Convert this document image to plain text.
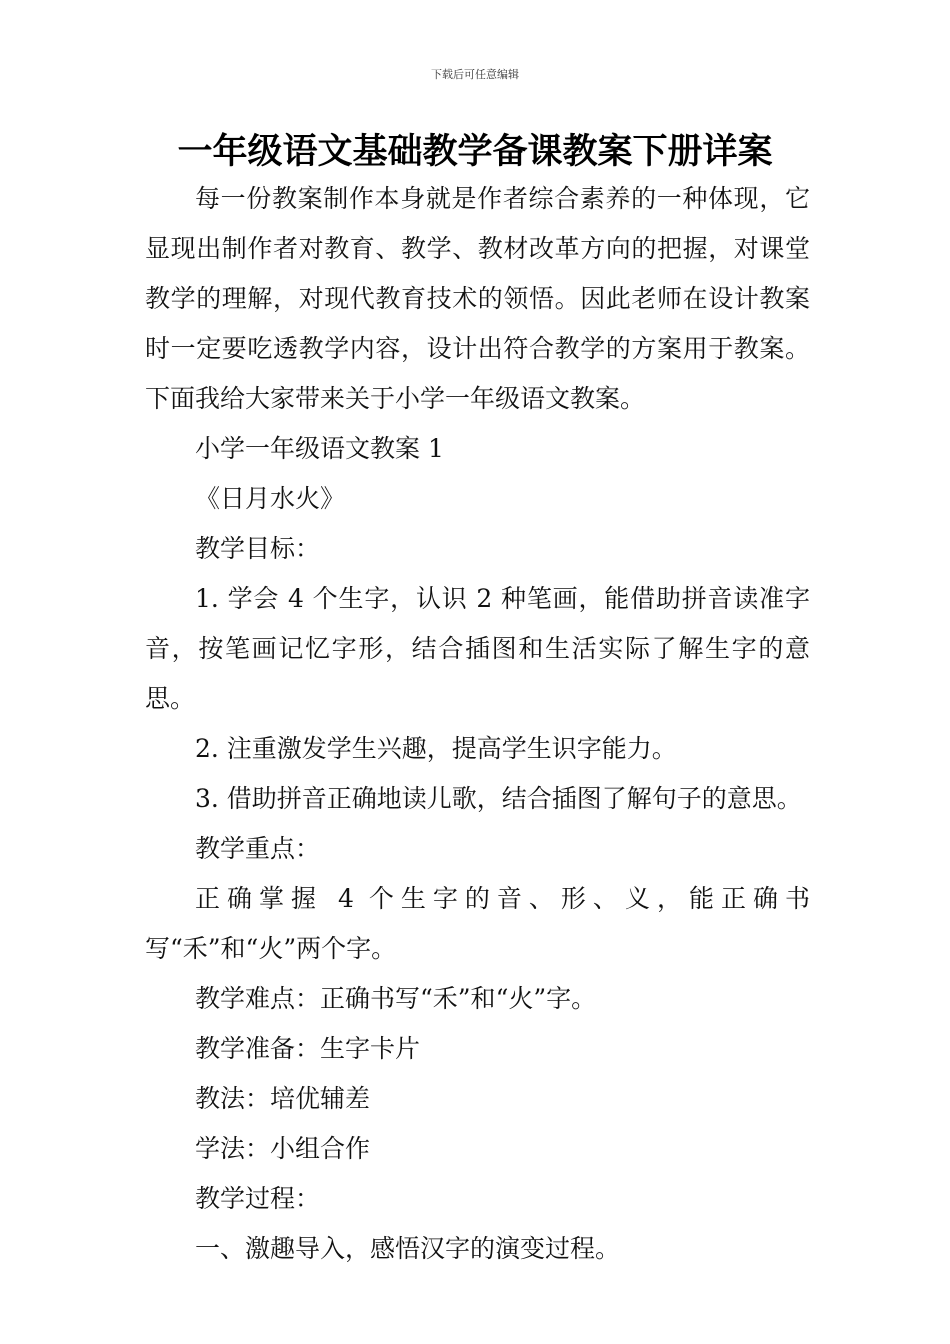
下载后可任意编辑
一年级语文基础教学备课教案下册详案

每一份教案制作本身就是作者综合素养的一种体现，它显现出制作者对教育、教学、教材改革方向的把握，对课堂教学的理解，对现代教育技术的领悟。因此老师在设计教案时一定要吃透教学内容，设计出符合教学的方案用于教案。下面我给大家带来关于小学一年级语文教案。

小学一年级语文教案 1

《日月水火》

教学目标：

1. 学会 4 个生字，认识 2 种笔画，能借助拼音读准字音，按笔画记忆字形，结合插图和生活实际了解生字的意思。

2. 注重激发学生兴趣，提高学生识字能力。

3. 借助拼音正确地读儿歌，结合插图了解句子的意思。

教学重点：

正确掌握 4 个生字的音、形、义，能正确书写“禾”和“火”两个字。

教学难点：正确书写“禾”和“火”字。

教学准备：生字卡片

教法：培优辅差

学法：小组合作

教学过程：

一、激趣导入，感悟汉字的演变过程。
